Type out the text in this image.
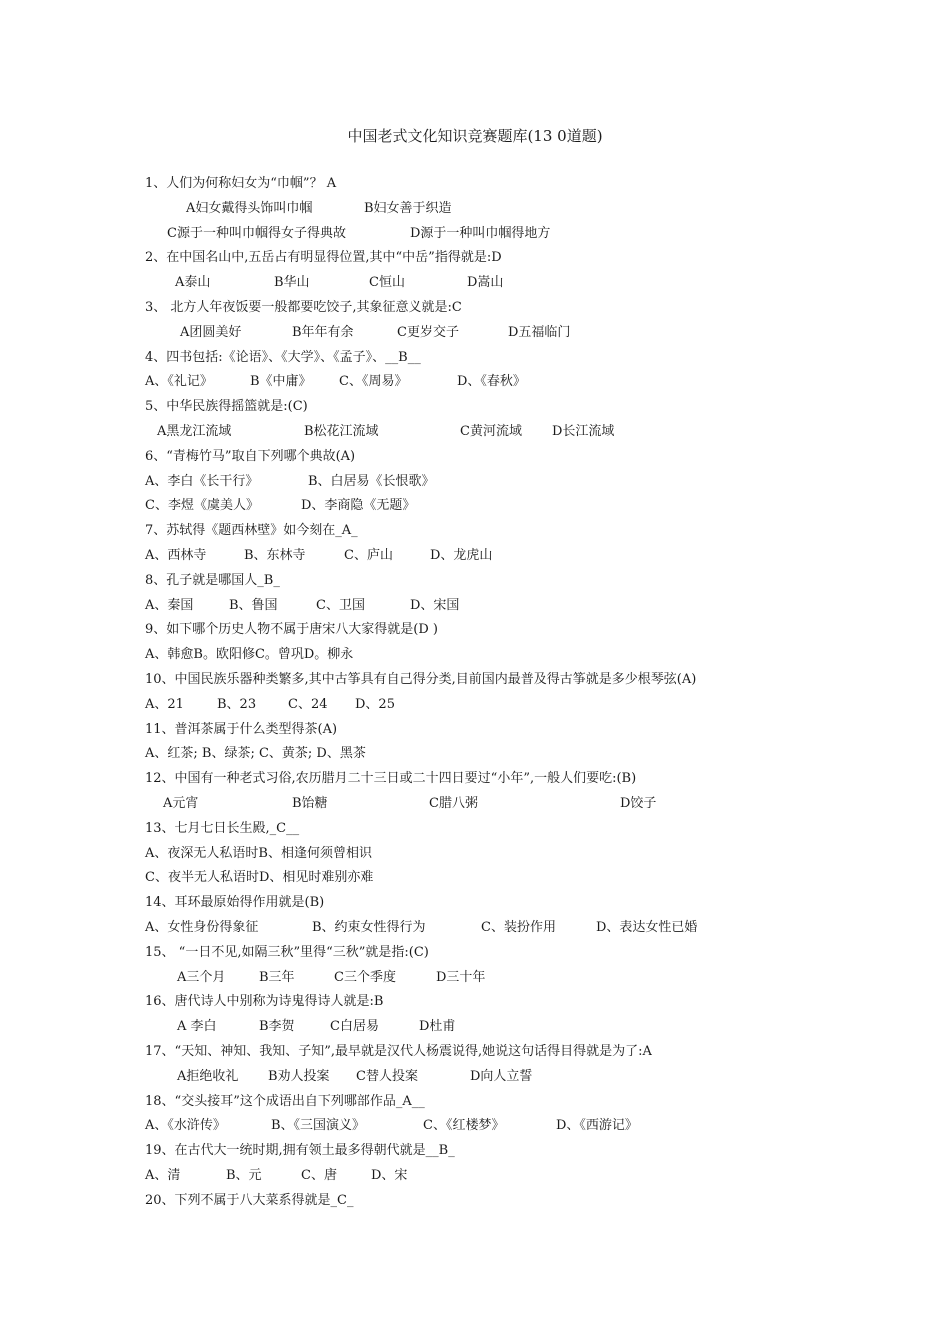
中国老式文化知识竞赛题库(13 0道题)
1、人们为何称妇女为“巾帼”？ A
A妇女戴得头饰叫巾帼	B妇女善于织造
C源于一种叫巾帼得女子得典故	D源于一种叫巾帼得地方
2、在中国名山中,五岳占有明显得位置,其中“中岳”指得就是:D
A泰山	B华山	C恒山	D嵩山
3、 北方人年夜饭要一般都要吃饺子,其象征意义就是:C
A团圆美好	B年年有余	C更岁交子	D五福临门
4、四书包括:《论语》、《大学》、《孟子》、__B__
A、《礼记》	B《中庸》 C、《周易》	D、《春秋》
5、中华民族得摇篮就是:(C)
A黑龙江流域	B松花江流域	C黄河流域 D长江流域
6、“青梅竹马”取自下列哪个典故(A)
A、李白《长干行》	B、白居易《长恨歌》
C、李煜《虞美人》	D、李商隐《无题》
7、苏轼得《题西林壁》如今刻在_A_
A、西林寺	B、东林寺	C、庐山	D、龙虎山
8、孔子就是哪国人_B_
A、秦国	B、鲁国	C、卫国	D、宋国
9、如下哪个历史人物不属于唐宋八大家得就是(D )
A、韩愈B。欧阳修C。曾巩D。柳永
10、中国民族乐器种类繁多,其中古筝具有自己得分类,目前国内最普及得古筝就是多少根琴弦(A)
A、21	B、23 C、24 D、25
11、普洱茶属于什么类型得茶(A)
A、红茶; B、绿茶; C、黄茶; D、黑茶
12、中国有一种老式习俗,农历腊月二十三日或二十四日要过“小年”,一般人们要吃:(B)
A元宵	B饴糖	C腊八粥	D饺子
13、七月七日长生殿,_C__
A、夜深无人私语时B、相逢何须曾相识
C、夜半无人私语时D、相见时难别亦难
14、耳环最原始得作用就是(B)
A、女性身份得象征	B、约束女性得行为	C、装扮作用	D、表达女性已婚
15、 “一日不见,如隔三秋”里得“三秋”就是指:(C)
A三个月	B三年	C三个季度	D三十年
16、唐代诗人中别称为诗鬼得诗人就是:B
A 李白	B李贺	C白居易	D杜甫
17、“天知、神知、我知、子知”,最早就是汉代人杨震说得,她说这句话得目得就是为了:A
A拒绝收礼 B劝人投案 C替人投案	D向人立誓
18、“交头接耳”这个成语出自下列哪部作品_A__
A、《水浒传》	B、《三国演义》	C、《红楼梦》	D、《西游记》
19、在古代大一统时期,拥有领土最多得朝代就是__B_
A、清	B、元	C、唐	D、宋
20、下列不属于八大菜系得就是_C_
